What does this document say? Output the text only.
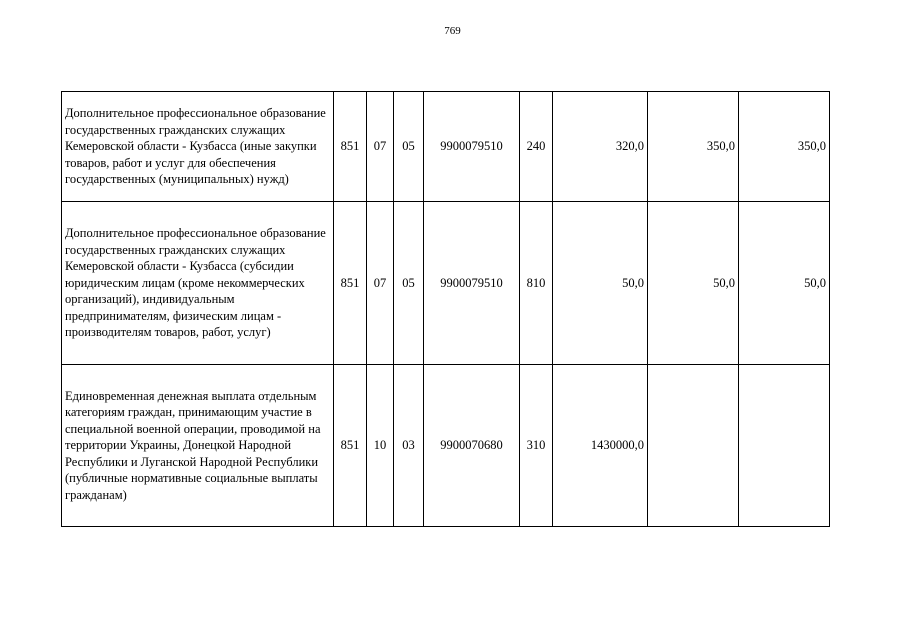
769
Дополнительное профессиональное образование государственных гражданских служащих Кемеровской области - Кузбасса (иные закупки товаров, работ и услуг для обеспечения государственных (муниципальных) нужд)	851	07	05	9900079510	240	320,0	350,0	350,0
Дополнительное профессиональное образование государственных гражданских служащих Кемеровской области - Кузбасса (субсидии юридическим лицам (кроме некоммерческих организаций), индивидуальным предпринимателям, физическим лицам - производителям товаров, работ, услуг)	851	07	05	9900079510	810	50,0	50,0	50,0
Единовременная денежная выплата отдельным категориям граждан, принимающим участие в специальной военной операции, проводимой на территории Украины, Донецкой Народной Республики и Луганской Народной Республики (публичные нормативные социальные выплаты гражданам)	851	10	03	9900070680	310	1430000,0		
